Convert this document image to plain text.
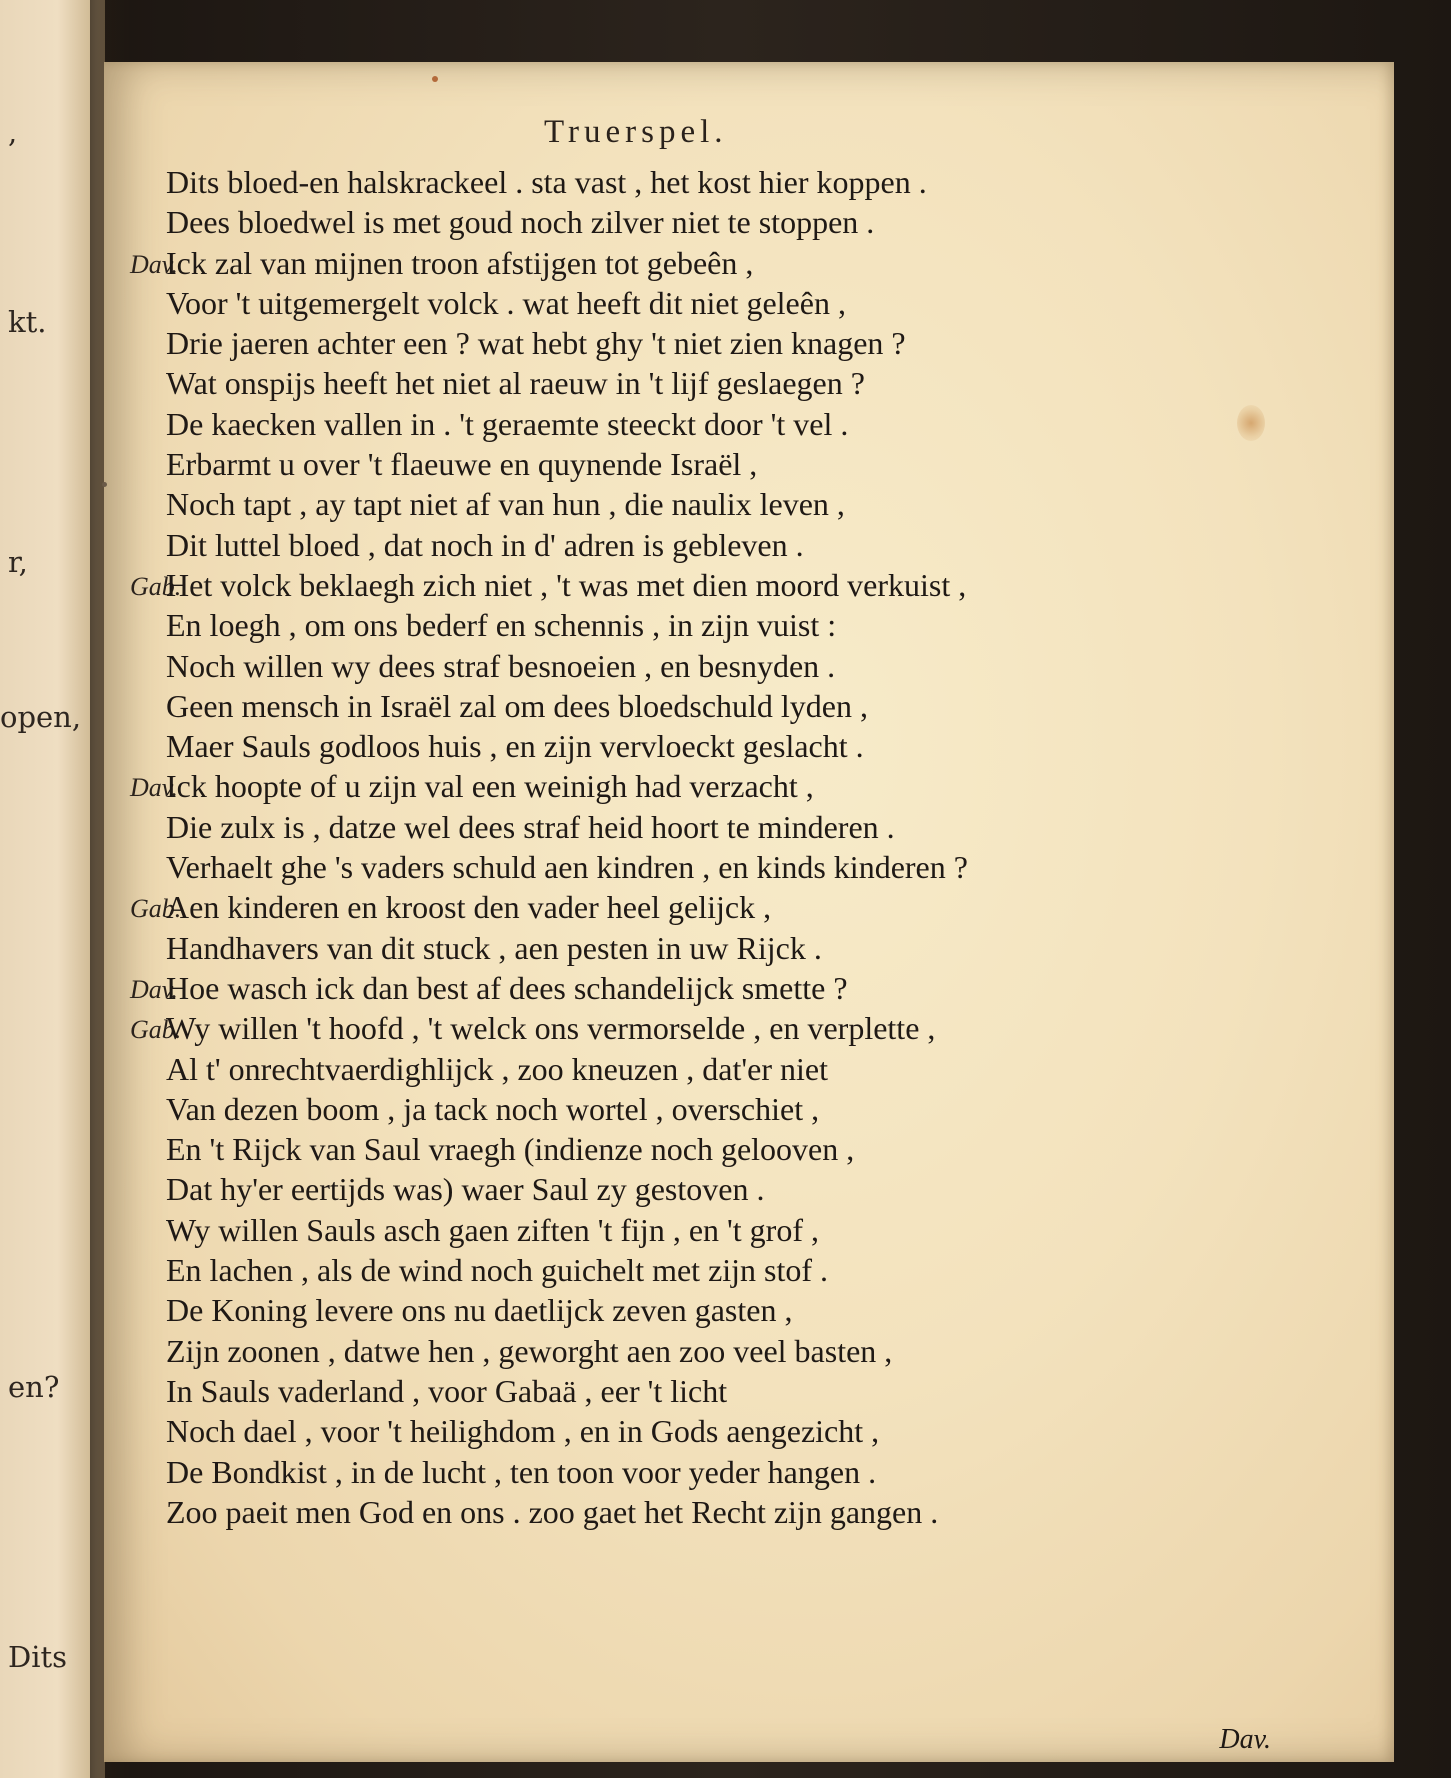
,
kt.
r,
open,
en?
Dits
Truerspel.
Dits bloed-en halskrackeel . sta vast , het kost hier koppen .
Dees bloedwel is met goud noch zilver niet te stoppen .
Dav.
Ick zal van mijnen troon afstijgen tot gebeên ,
Voor 't uitgemergelt volck . wat heeft dit niet geleên ,
Drie jaeren achter een ? wat hebt ghy 't niet zien knagen ?
Wat onspijs heeft het niet al raeuw in 't lijf geslaegen ?
De kaecken vallen in . 't geraemte steeckt door 't vel .
Erbarmt u over 't flaeuwe en quynende Israël ,
Noch tapt , ay tapt niet af van hun , die naulix leven ,
Dit luttel bloed , dat noch in d' adren is gebleven .
Gab.
Het volck beklaegh zich niet , 't was met dien moord verkuist ,
En loegh , om ons bederf en schennis , in zijn vuist :
Noch willen wy dees straf besnoeien , en besnyden .
Geen mensch in Israël zal om dees bloedschuld lyden ,
Maer Sauls godloos huis , en zijn vervloeckt geslacht .
Dav.
Ick hoopte of u zijn val een weinigh had verzacht ,
Die zulx is , datze wel dees straf heid hoort te minderen .
Verhaelt ghe 's vaders schuld aen kindren , en kinds kinderen ?
Gab.
Aen kinderen en kroost den vader heel gelijck ,
Handhavers van dit stuck , aen pesten in uw Rijck .
Dav.
Hoe wasch ick dan best af dees schandelijck smette ?
Gab.
Wy willen 't hoofd , 't welck ons vermorselde , en verplette ,
Al t' onrechtvaerdighlijck , zoo kneuzen , dat'er niet
Van dezen boom , ja tack noch wortel , overschiet ,
En 't Rijck van Saul vraegh (indienze noch gelooven ,
Dat hy'er eertijds was) waer Saul zy gestoven .
Wy willen Sauls asch gaen ziften 't fijn , en 't grof ,
En lachen , als de wind noch guichelt met zijn stof .
De Koning levere ons nu daetlijck zeven gasten ,
Zijn zoonen , datwe hen , geworght aen zoo veel basten ,
In Sauls vaderland , voor Gabaä , eer 't licht
Noch dael , voor 't heilighdom , en in Gods aengezicht ,
De Bondkist , in de lucht , ten toon voor yeder hangen .
Zoo paeit men God en ons . zoo gaet het Recht zijn gangen .
Dav.
